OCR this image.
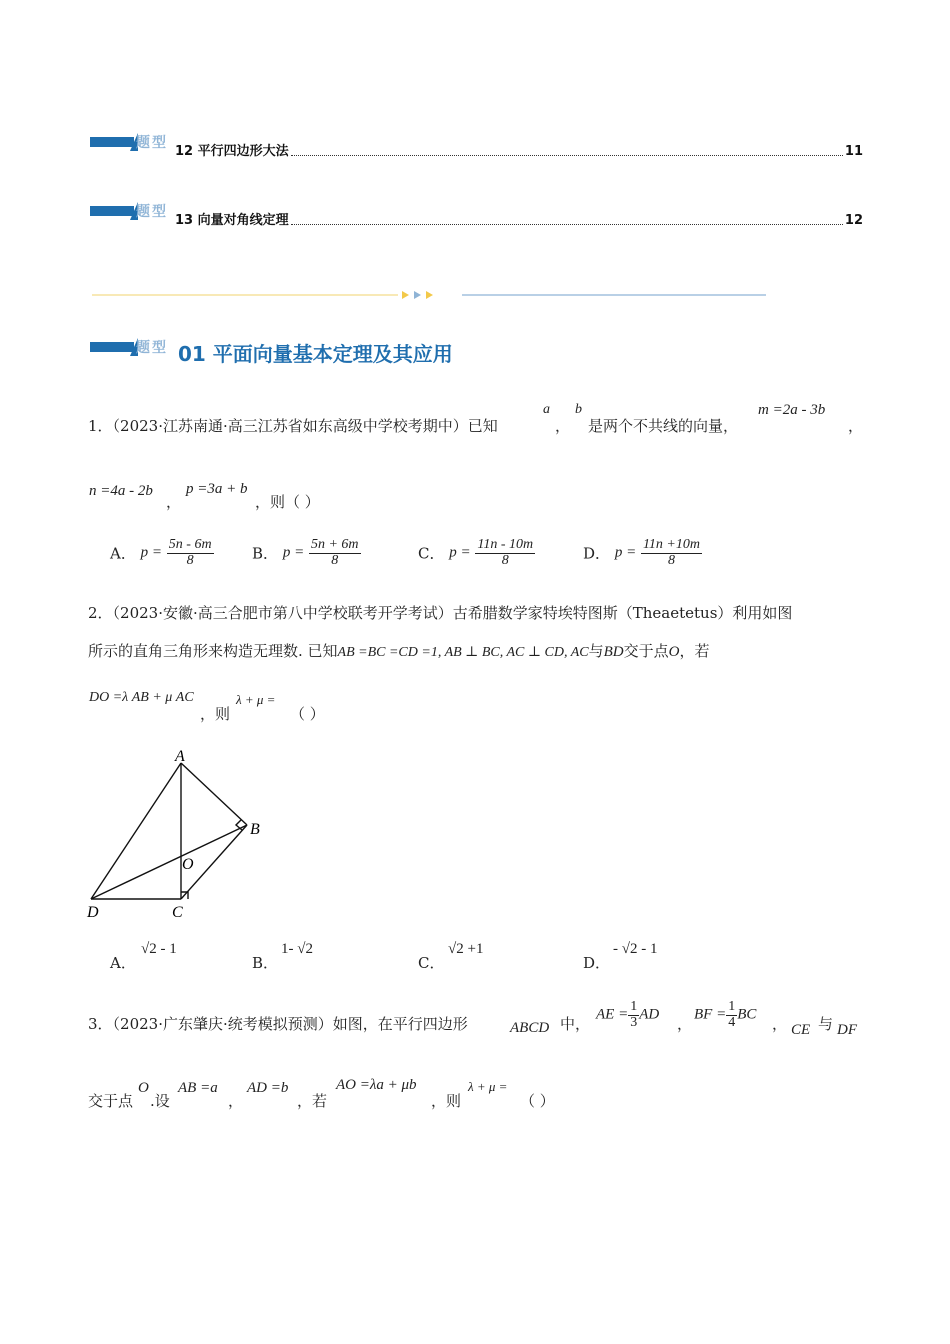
题型
12 平行四边形大法	11
题型
13 向量对角线定理	12
题型 01 平面向量基本定理及其应用
1．（2023·江苏南通·高三江苏省如东高级中学校考期中）已知
a
，
b
是两个不共线的向量，
m =2a - 3b
，
n =4a - 2b
，
p =3a + b
，则（ ）
A． $p = \frac{5n - 6m}{8}$	B． $p = \frac{5n + 6m}{8}$	C． $p = \frac{11n - 10m}{8}$	D． $p = \frac{11n +10m}{8}$
2．（2023·安徽·高三合肥市第八中学校联考开学考试）古希腊数学家特埃特图斯（Theaetetus）利用如图
所示的直角三角形来构造无理数. 已知AB =BC =CD =1, AB ⊥ BC, AC ⊥ CD, AC与BD交于点O，若
DO =λ AB + μ AC
，则
λ + μ =
（ ）
A
B
C
D
O
A．
√2 - 1
B．
1- √2
C．
√2 +1
D．
- √2 - 1
3．（2023·广东肇庆·统考模拟预测）如图，在平行四边形	ABCD 中，
AE = $\frac{1}{3}$ AD
，
BF = $\frac{1}{4}$ BC
， CE 与 DF
交于点
O
.设
AB =a
，
AD =b
，若
AO =λa + μb
，则
λ + μ =
（ ）
